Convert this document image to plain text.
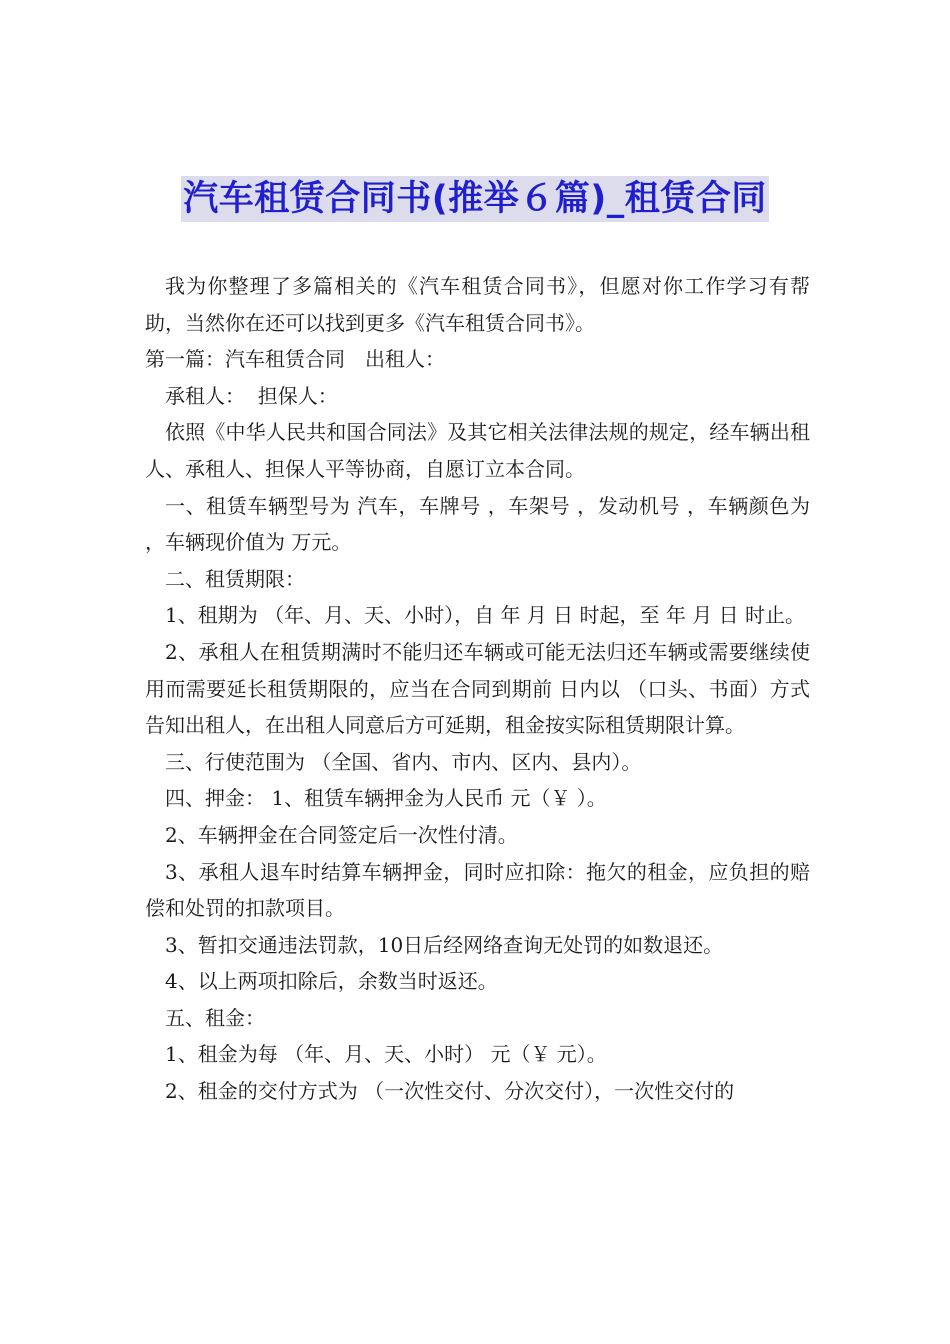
汽车租赁合同书(推举６篇)_租赁合同

我为你整理了多篇相关的《汽车租赁合同书》，但愿对你工作学习有帮助，当然你在还可以找到更多《汽车租赁合同书》。

第一篇：汽车租赁合同　出租人：

承租人：  担保人：

依照《中华人民共和国合同法》及其它相关法律法规的规定，经车辆出租人、承租人、担保人平等协商，自愿订立本合同。

一、租赁车辆型号为 汽车，车牌号 ，车架号 ，发动机号 ，车辆颜色为 ，车辆现价值为 万元。

二、租赁期限：

1、租期为 （年、月、天、小时），自 年 月 日 时起，至 年 月 日 时止。

2、承租人在租赁期满时不能归还车辆或可能无法归还车辆或需要继续使用而需要延长租赁期限的，应当在合同到期前 日内以 （口头、书面）方式告知出租人，在出租人同意后方可延期，租金按实际租赁期限计算。

三、行使范围为 （全国、省内、市内、区内、县内）。

四、押金： 1、租赁车辆押金为人民币 元（￥ ）。

2、车辆押金在合同签定后一次性付清。

3、承租人退车时结算车辆押金，同时应扣除：拖欠的租金，应负担的赔偿和处罚的扣款项目。

3、暂扣交通违法罚款，10日后经网络查询无处罚的如数退还。

4、以上两项扣除后，余数当时返还。

五、租金：

1、租金为每 （年、月、天、小时） 元（￥ 元）。

2、租金的交付方式为 （一次性交付、分次交付），一次性交付的
